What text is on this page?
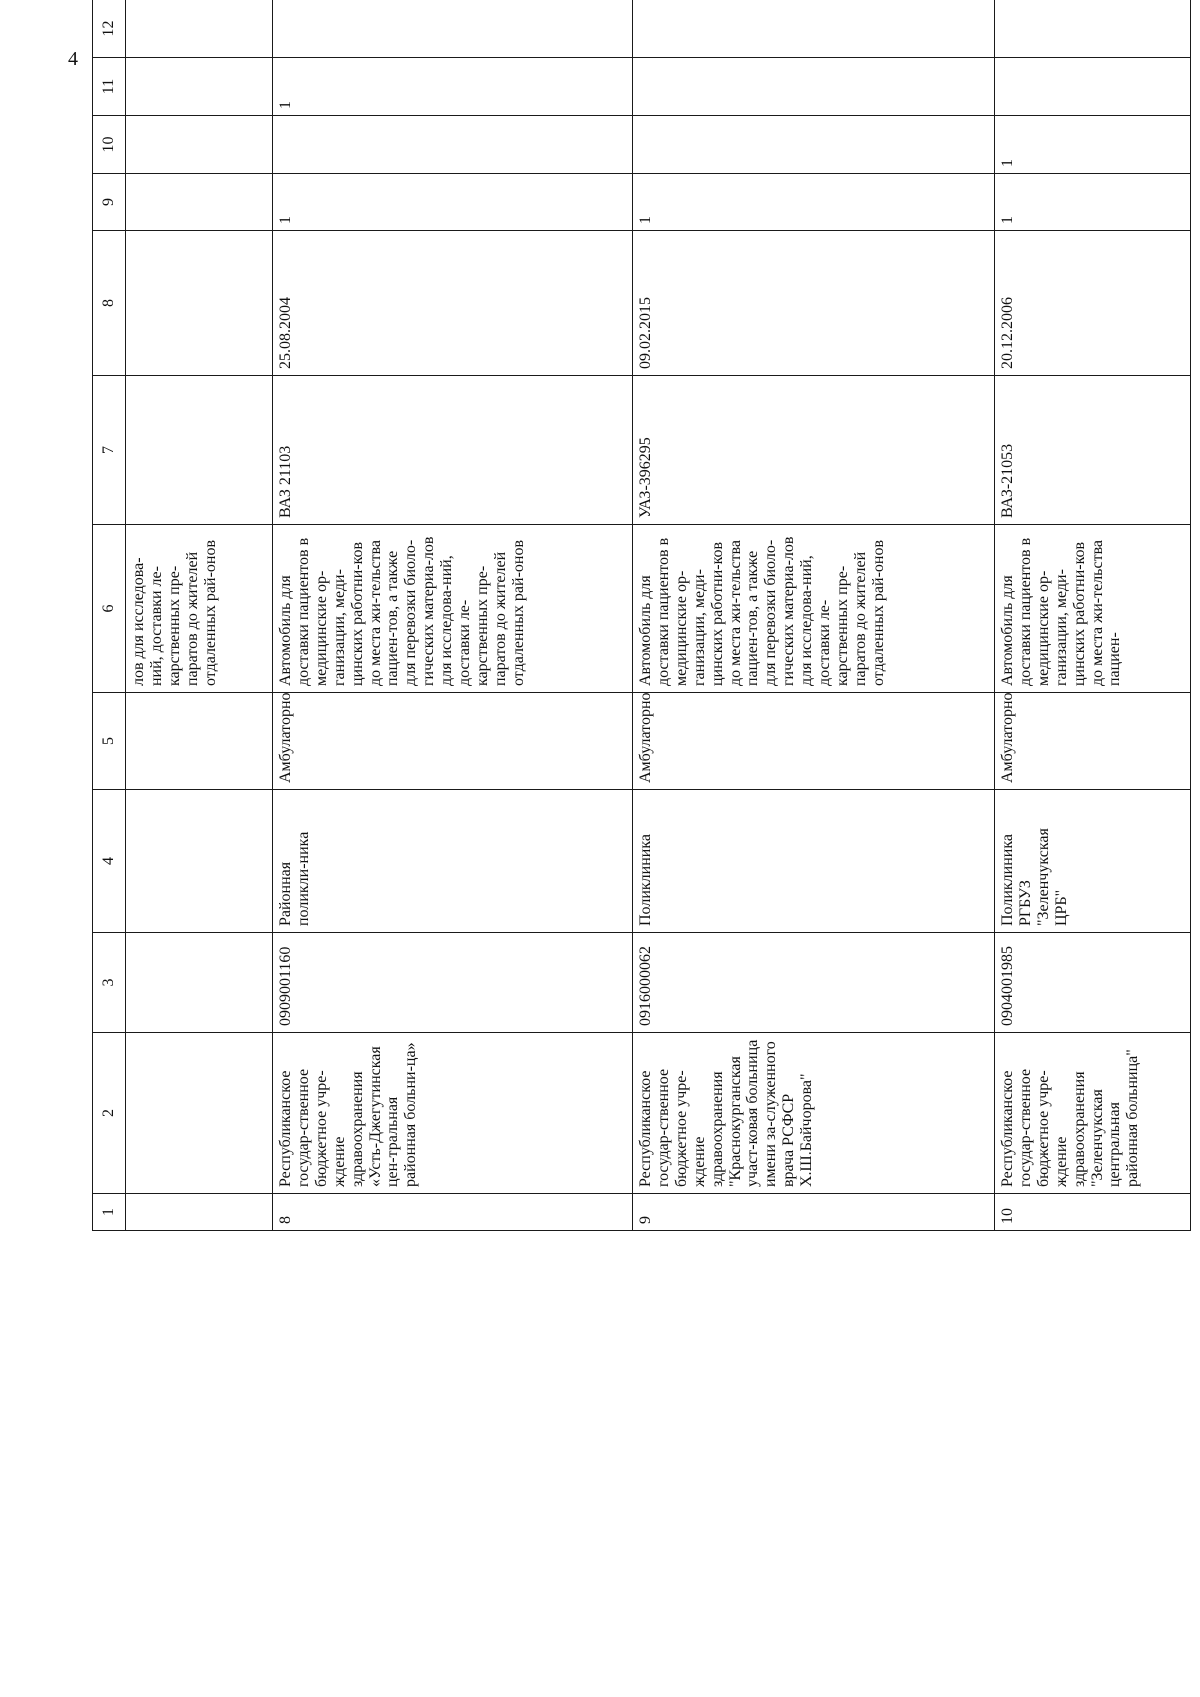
4
1	2	3	4	5	6	7	8	9	10	11	12	
					лов для исследова-ний, доставки ле-карственных пре-паратов до жителей отдаленных рай-онов							
8	Республиканское государ-ственное бюджетное учре-ждение здравоохранения «Усть-Джегутинская цен-тральная районная больни-ца»	0909001160	Районная поликли-ника	Амбулаторно	Автомобиль для доставки пациентов в медицинские ор-ганизации, меди-цинских работни-ков до места жи-тельства пациен-тов, а также для перевозки биоло-гических материа-лов для исследова-ний, доставки ле-карственных пре-паратов до жителей отдаленных рай-онов	ВАЗ 21103	25.08.2004	1		1		
9	Республиканское государ-ственное бюджетное учре-ждение здравоохранения "Краснокурганская участ-ковая больница имени за-служенного врача РСФСР Х.Ш.Байчорова"	0916000062	Поликлиника	Амбулаторно	Автомобиль для доставки пациентов в медицинские ор-ганизации, меди-цинских работни-ков до места жи-тельства пациен-тов, а также для перевозки биоло-гических материа-лов для исследова-ний, доставки ле-карственных пре-паратов до жителей отдаленных рай-онов	УАЗ-396295	09.02.2015	1				
10	Республиканское государ-ственное бюджетное учре-ждение здравоохранения "Зеленчукская центральная районная больница"	0904001985	Поликлиника РГБУЗ "Зеленчукская ЦРБ"	Амбулаторно	Автомобиль для доставки пациентов в медицинские ор-ганизации, меди-цинских работни-ков до места жи-тельства пациен-	ВАЗ-21053	20.12.2006	1	1			
